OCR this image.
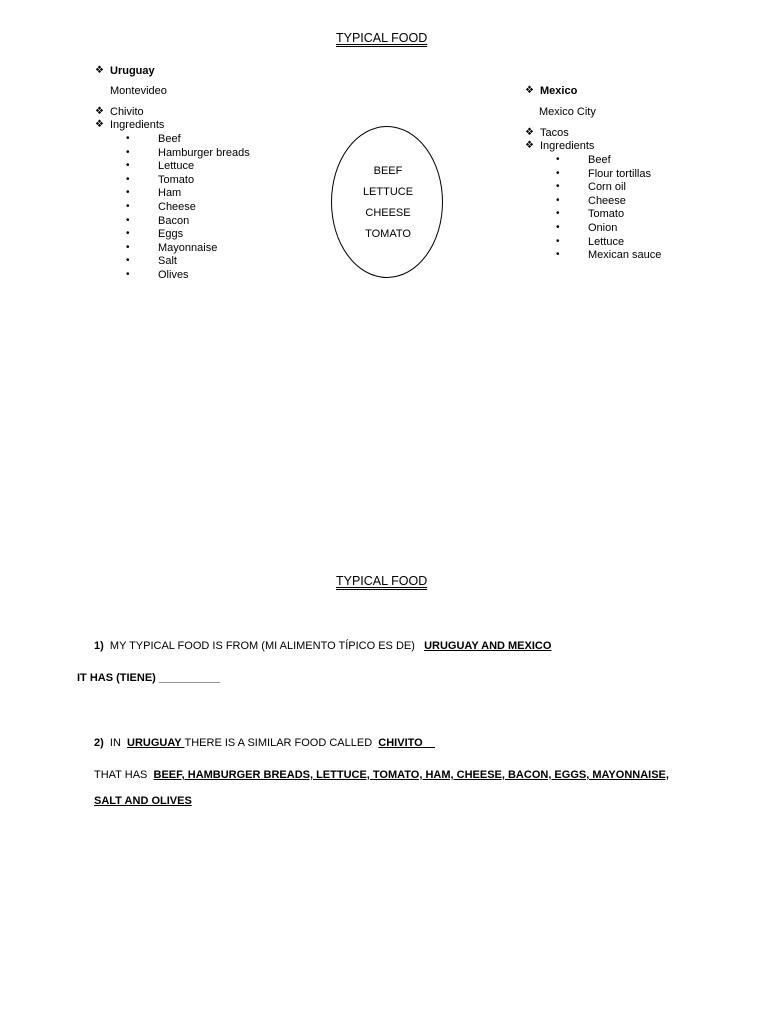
TYPICAL FOOD
❖ Uruguay
Montevideo
❖ Chivito
❖ Ingredients
•	Beef
•	Hamburger breads
•	Lettuce
•	Tomato
•	Ham
•	Cheese
•	Bacon
•	Eggs
•	Mayonnaise
•	Salt
•	Olives
BEEF
LETTUCE
CHEESE
TOMATO
❖ Mexico
Mexico City
❖ Tacos
❖ Ingredients
•	Beef
•	Flour tortillas
•	Corn oil
•	Cheese
•	Tomato
•	Onion
•	Lettuce
•	Mexican sauce
TYPICAL FOOD
1) MY TYPICAL FOOD IS FROM (MI ALIMENTO TÍPICO ES DE) URUGUAY AND MEXICO
IT HAS (TIENE) __________
2) IN URUGUAY THERE IS A SIMILAR FOOD CALLED CHIVITO__
THAT HAS BEEF, HAMBURGER BREADS, LETTUCE, TOMATO, HAM, CHEESE, BACON, EGGS, MAYONNAISE,
SALT AND OLIVES
